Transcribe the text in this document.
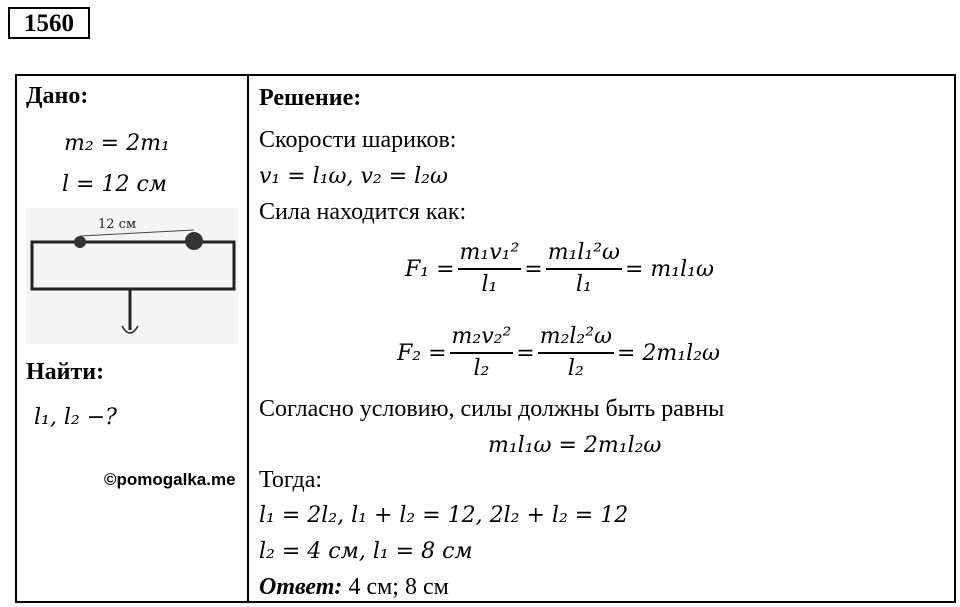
1560
Дано:
m₂ = 2m₁
l = 12 см
12 см
Найти:
l₁, l₂ −?
©pomogalka.me
Решение:
Скорости шариков:
v₁ = l₁ω, v₂ = l₂ω
Сила находится как:
$F_1 = \frac{\text{m₁v₁²}}{\text{l₁}} = \frac{\text{m₁l₁²ω}}{\text{l₁}} = m_1l_1\omega$
$F_2 = \frac{\text{m₂v₂²}}{\text{l₂}} = \frac{\text{m₂l₂²ω}}{\text{l₂}} = 2m_1l_2\omega$
Согласно условию, силы должны быть равны
m₁l₁ω = 2m₁l₂ω
Тогда:
l₁ = 2l₂, l₁ + l₂ = 12, 2l₂ + l₂ = 12
l₂ = 4 см, l₁ = 8 см
Ответ: 4 см; 8 см
